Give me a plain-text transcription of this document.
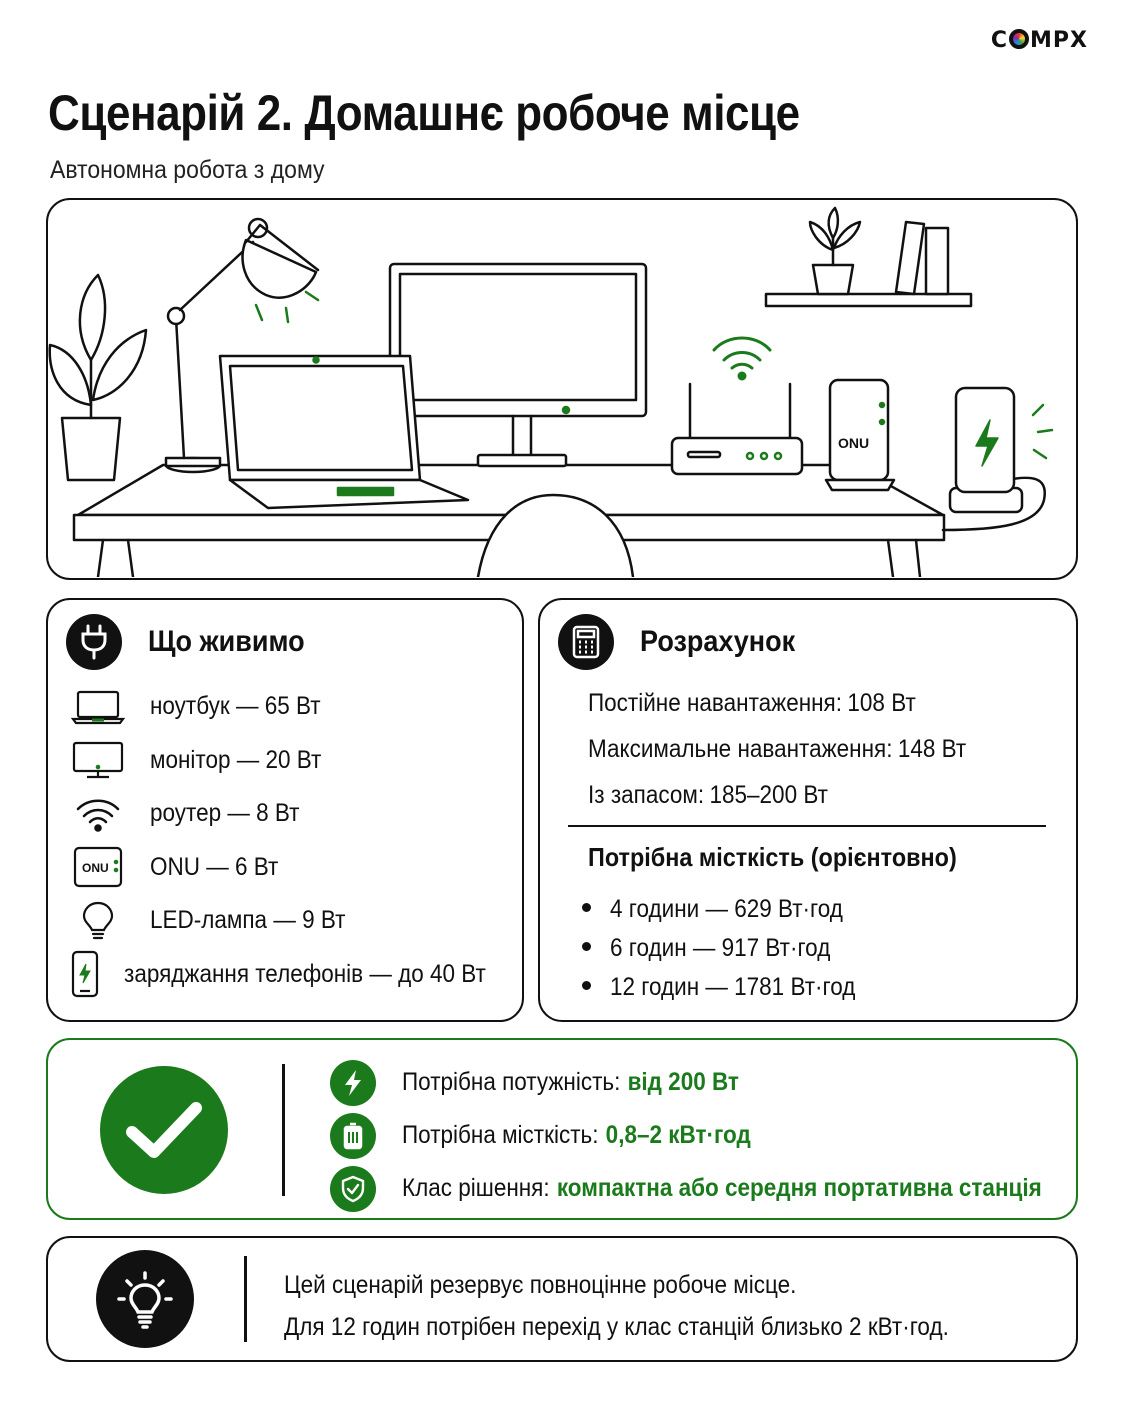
C MPX
Сценарій 2. Домашнє робоче місце
Автономна робота з дому
ONU
Що живимо
ноутбук — 65 Вт
монітор — 20 Вт
роутер — 8 Вт
ONU ONU — 6 Вт
LED-лампа — 9 Вт
заряджання телефонів — до 40 Вт
Розрахунок
Постійне навантаження: 108 Вт
Максимальне навантаження: 148 Вт
Із запасом: 185–200 Вт
Потрібна місткість (орієнтовно)
4 години — 629 Вт·год
6 годин — 917 Вт·год
12 годин — 1781 Вт·год
Потрібна потужність: від 200 Вт
Потрібна місткість: 0,8–2 кВт·год
Клас рішення: компактна або середня портативна станція
Цей сценарій резервує повноцінне робоче місце.
Для 12 годин потрібен перехід у клас станцій близько 2 кВт·год.
